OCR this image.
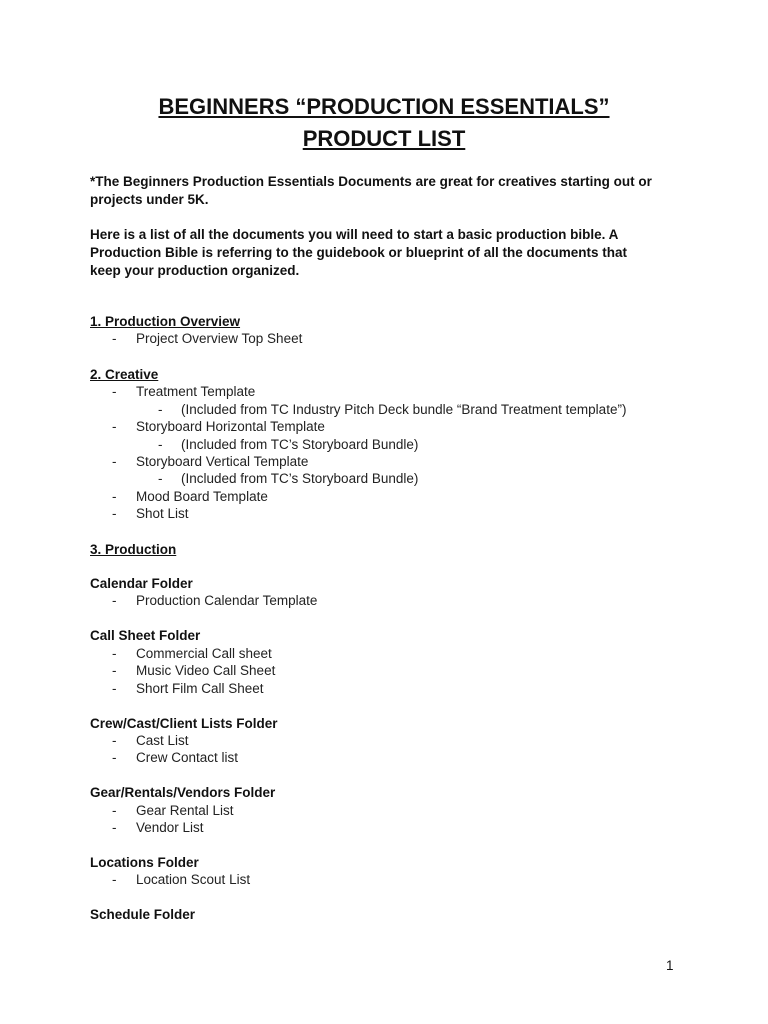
BEGINNERS “PRODUCTION ESSENTIALS”
PRODUCT LIST
*The Beginners Production Essentials Documents are great for creatives starting out or
projects under 5K.
Here is a list of all the documents you will need to start a basic production bible. A
Production Bible is referring to the guidebook or blueprint of all the documents that
keep your production organized.
1. Production Overview
- Project Overview Top Sheet
2. Creative
- Treatment Template
- (Included from TC Industry Pitch Deck bundle “Brand Treatment template”)
- Storyboard Horizontal Template
- (Included from TC’s Storyboard Bundle)
- Storyboard Vertical Template
- (Included from TC’s Storyboard Bundle)
- Mood Board Template
- Shot List
3. Production
Calendar Folder
- Production Calendar Template
Call Sheet Folder
- Commercial Call sheet
- Music Video Call Sheet
- Short Film Call Sheet
Crew/Cast/Client Lists Folder
- Cast List
- Crew Contact list
Gear/Rentals/Vendors Folder
- Gear Rental List
- Vendor List
Locations Folder
- Location Scout List
Schedule Folder
1
